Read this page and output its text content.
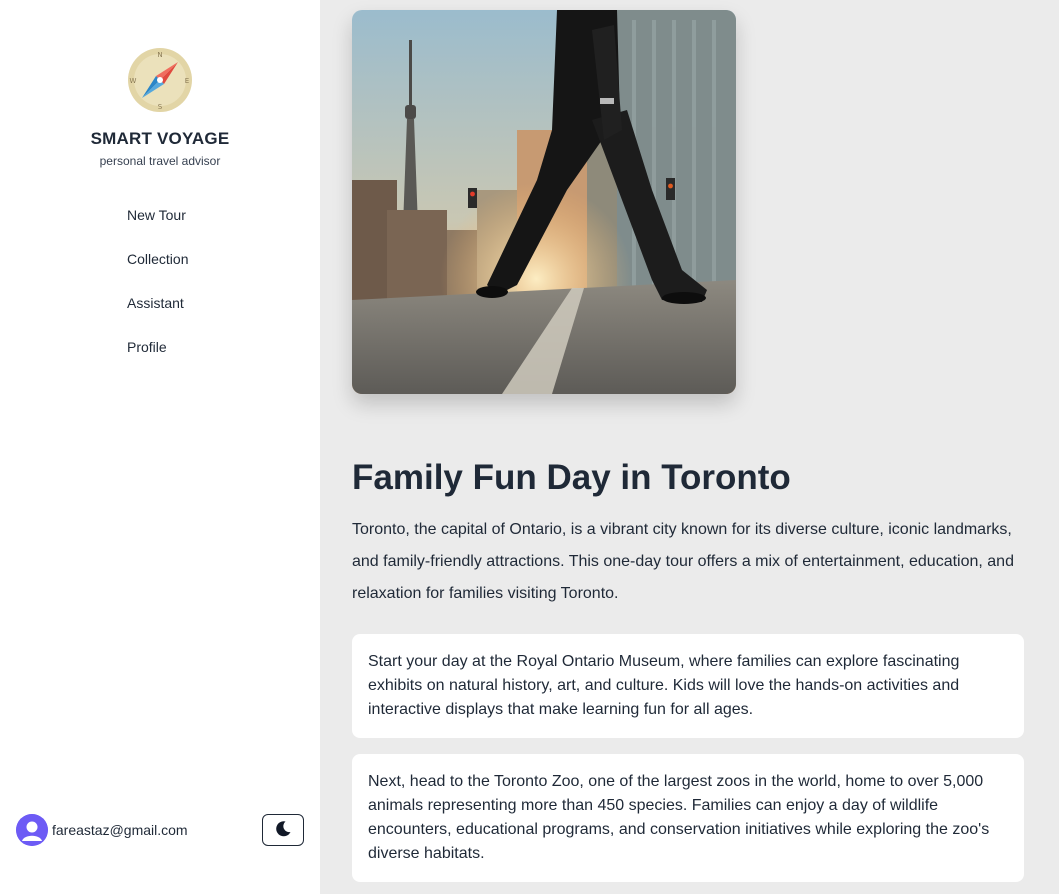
N
S
W	E
SMART VOYAGE
personal travel advisor
New Tour
Collection
Assistant
Profile
fareastaz@gmail.com
Family Fun Day in Toronto

Toronto, the capital of Ontario, is a vibrant city known for its diverse culture, iconic landmarks, and family-friendly attractions. This one-day tour offers a mix of entertainment, education, and relaxation for families visiting Toronto.

Start your day at the Royal Ontario Museum, where families can explore fascinating exhibits on natural history, art, and culture. Kids will love the hands-on activities and interactive displays that make learning fun for all ages.
Next, head to the Toronto Zoo, one of the largest zoos in the world, home to over 5,000 animals representing more than 450 species. Families can enjoy a day of wildlife encounters, educational programs, and conservation initiatives while exploring the zoo's diverse habitats.
